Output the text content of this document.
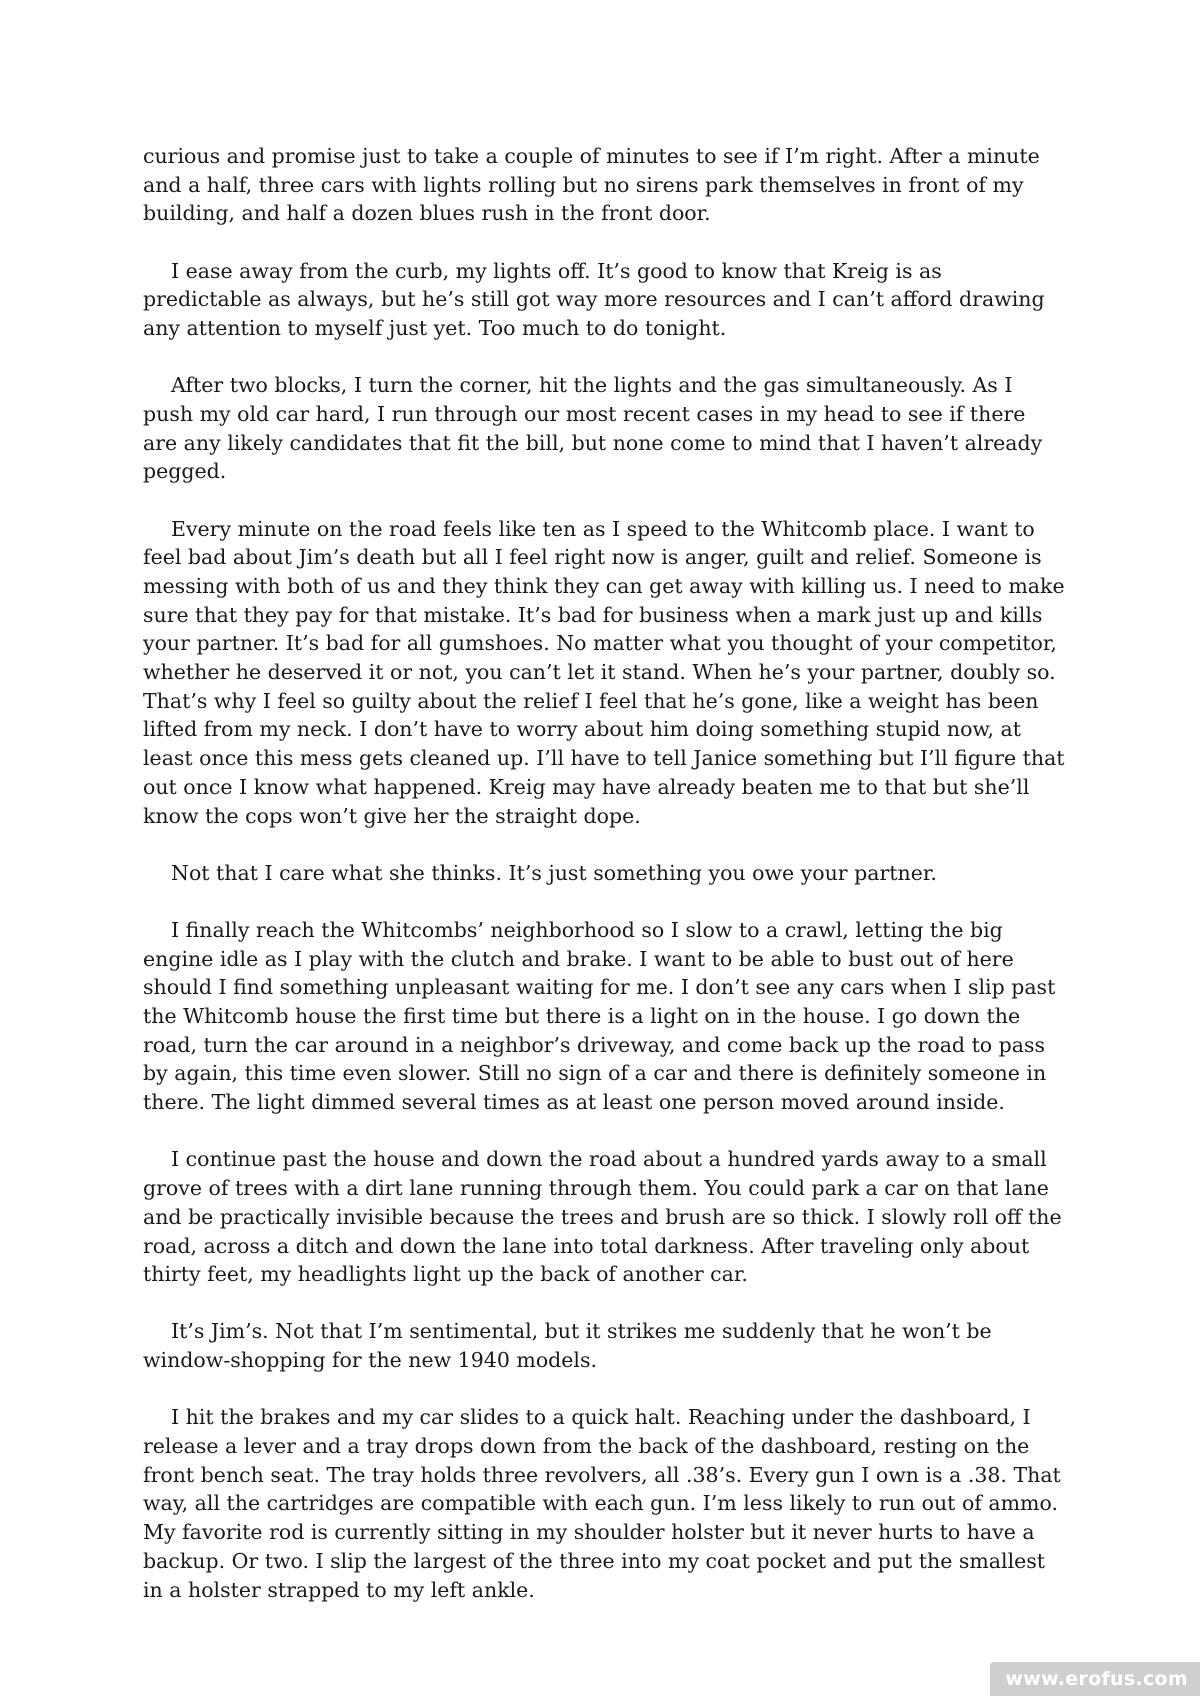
curious and promise just to take a couple of minutes to see if I’m right. After a minute and a half, three cars with lights rolling but no sirens park themselves in front of my building, and half a dozen blues rush in the front door.

I ease away from the curb, my lights off. It’s good to know that Kreig is as predictable as always, but he’s still got way more resources and I can’t afford drawing any attention to myself just yet. Too much to do tonight.

After two blocks, I turn the corner, hit the lights and the gas simultaneously. As I push my old car hard, I run through our most recent cases in my head to see if there are any likely candidates that fit the bill, but none come to mind that I haven’t already pegged.

Every minute on the road feels like ten as I speed to the Whitcomb place. I want to feel bad about Jim’s death but all I feel right now is anger, guilt and relief. Someone is messing with both of us and they think they can get away with killing us. I need to make sure that they pay for that mistake. It’s bad for business when a mark just up and kills your partner. It’s bad for all gumshoes. No matter what you thought of your competitor, whether he deserved it or not, you can’t let it stand. When he’s your partner, doubly so. That’s why I feel so guilty about the relief I feel that he’s gone, like a weight has been lifted from my neck. I don’t have to worry about him doing something stupid now, at least once this mess gets cleaned up. I’ll have to tell Janice something but I’ll figure that out once I know what happened. Kreig may have already beaten me to that but she’ll know the cops won’t give her the straight dope.

Not that I care what she thinks. It’s just something you owe your partner.

I finally reach the Whitcombs’ neighborhood so I slow to a crawl, letting the big engine idle as I play with the clutch and brake. I want to be able to bust out of here should I find something unpleasant waiting for me. I don’t see any cars when I slip past the Whitcomb house the first time but there is a light on in the house. I go down the road, turn the car around in a neighbor’s driveway, and come back up the road to pass by again, this time even slower. Still no sign of a car and there is definitely someone in there. The light dimmed several times as at least one person moved around inside.

I continue past the house and down the road about a hundred yards away to a small grove of trees with a dirt lane running through them. You could park a car on that lane and be practically invisible because the trees and brush are so thick. I slowly roll off the road, across a ditch and down the lane into total darkness. After traveling only about thirty feet, my headlights light up the back of another car.

It’s Jim’s. Not that I’m sentimental, but it strikes me suddenly that he won’t be window-shopping for the new 1940 models.

I hit the brakes and my car slides to a quick halt. Reaching under the dashboard, I release a lever and a tray drops down from the back of the dashboard, resting on the front bench seat. The tray holds three revolvers, all .38’s. Every gun I own is a .38. That way, all the cartridges are compatible with each gun. I’m less likely to run out of ammo. My favorite rod is currently sitting in my shoulder holster but it never hurts to have a backup. Or two. I slip the largest of the three into my coat pocket and put the smallest in a holster strapped to my left ankle.

www.erofus.com
